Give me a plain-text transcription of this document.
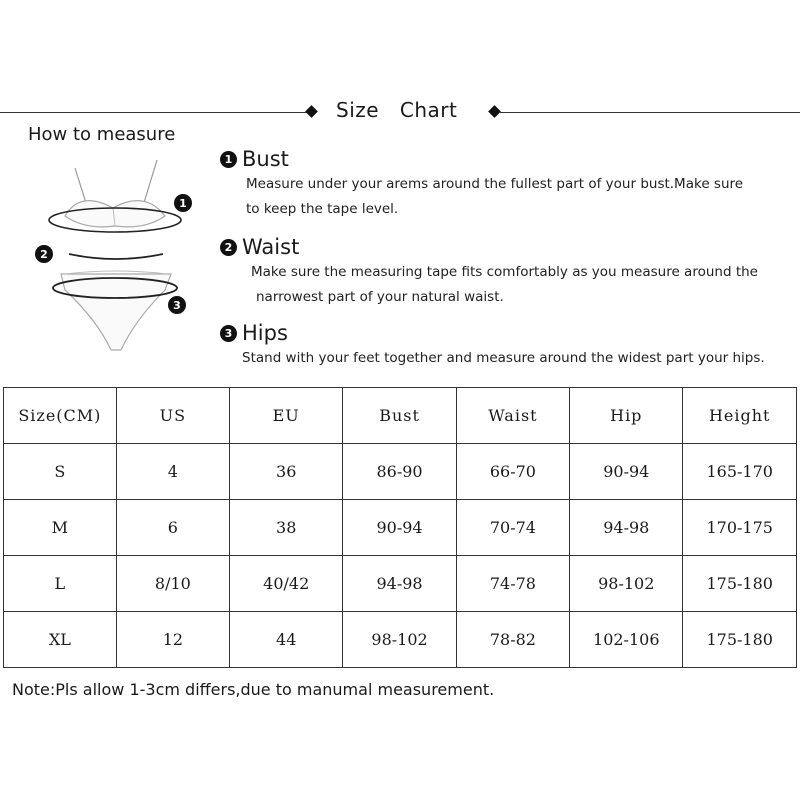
Size Chart
How to measure
1
2
3
1 Bust
Measure under your arems around the fullest part of your bust.Make sure
to keep the tape level.
2 Waist
Make sure the measuring tape fits comfortably as you measure around the
narrowest part of your natural waist.
3 Hips
Stand with your feet together and measure around the widest part your hips.
Size(CM)	US	EU	Bust	Waist	Hip	Height
S	4	36	86-90	66-70	90-94	165-170
M	6	38	90-94	70-74	94-98	170-175
L	8/10	40/42	94-98	74-78	98-102	175-180
XL	12	44	98-102	78-82	102-106	175-180
Note:Pls allow 1-3cm differs,due to manumal measurement.
